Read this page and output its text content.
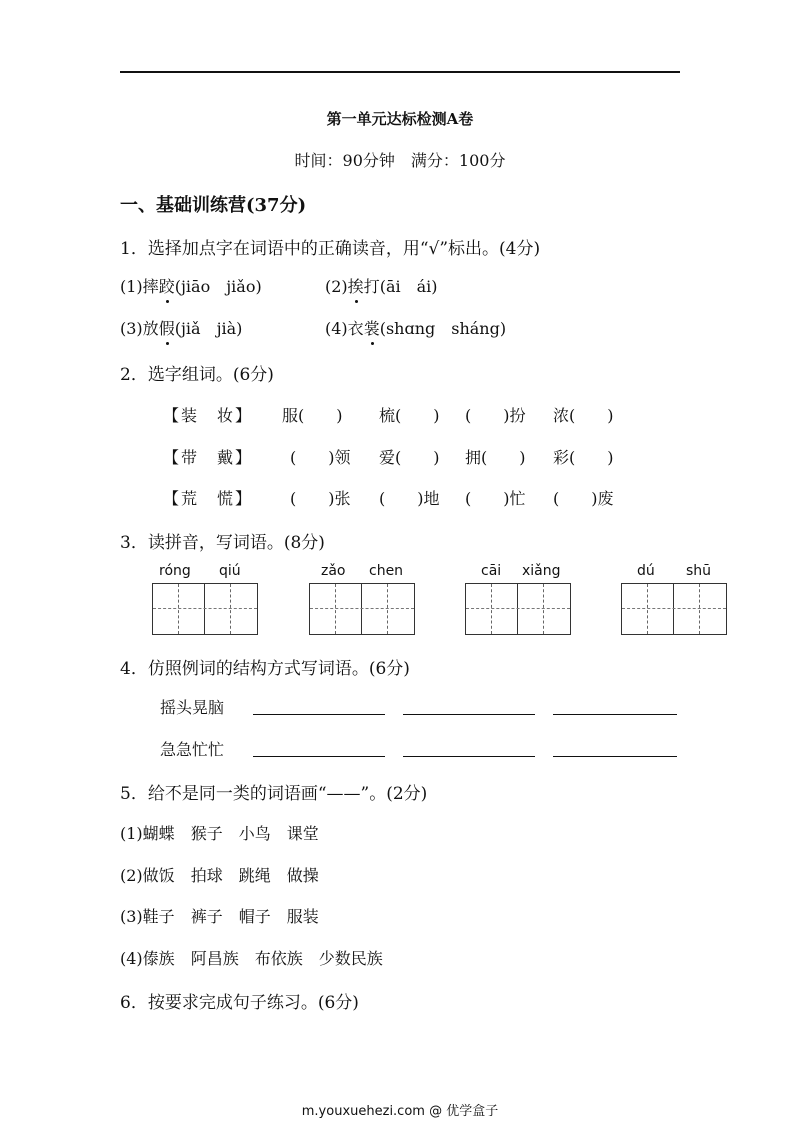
第一单元达标检测A卷
时间：90分钟　满分：100分
一、基础训练营(37分)
1．选择加点字在词语中的正确读音，用“√”标出。(4分)
(1)摔跤(jiāo　jiǎo)	(2)挨打(āi　ái)
(3)放假(jiǎ　jià)	(4)衣裳(shɑng　sháng)
2．选字组词。(6分)
【装　妆】 服(　　) 梳(　　) (　　)扮 浓(　　)
【带　戴】 (　　)领 爱(　　) 拥(　　) 彩(　　)
【荒　慌】 (　　)张 (　　)地 (　　)忙 (　　)废
3．读拼音，写词语。(8分)
róng qiú	zǎo chen	cāi xiǎng	dú shū
4．仿照例词的结构方式写词语。(6分)
摇头晃脑
急急忙忙
5．给不是同一类的词语画“——”。(2分)
(1)蝴蝶　 猴子　 小鸟　 课堂
(2)做饭　 拍球　 跳绳　 做操
(3)鞋子　 裤子　 帽子　 服装
(4)傣族　 阿昌族　 布依族　 少数民族
6．按要求完成句子练习。(6分)
m.youxuehezi.com @ 优学盒子
